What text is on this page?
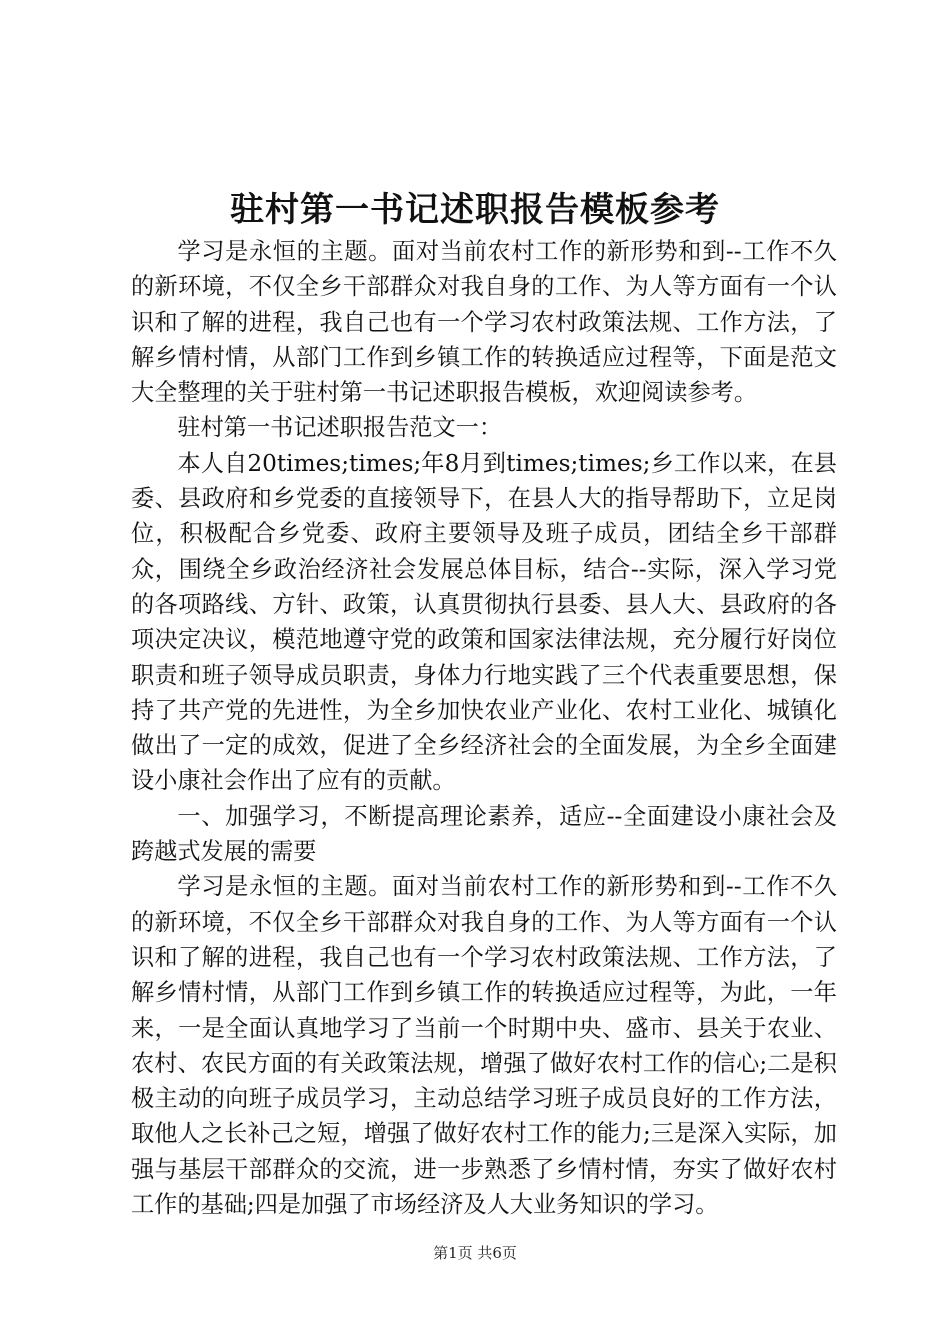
驻村第一书记述职报告模板参考

学习是永恒的主题。面对当前农村工作的新形势和到--工作不久的新环境，不仅全乡干部群众对我自身的工作、为人等方面有一个认识和了解的进程，我自己也有一个学习农村政策法规、工作方法，了解乡情村情，从部门工作到乡镇工作的转换适应过程等，下面是范文大全整理的关于驻村第一书记述职报告模板，欢迎阅读参考。

驻村第一书记述职报告范文一：

本人自20times;times;年8月到times;times;乡工作以来，在县委、县政府和乡党委的直接领导下，在县人大的指导帮助下，立足岗位，积极配合乡党委、政府主要领导及班子成员，团结全乡干部群众，围绕全乡政治经济社会发展总体目标，结合--实际，深入学习党的各项路线、方针、政策，认真贯彻执行县委、县人大、县政府的各项决定决议，模范地遵守党的政策和国家法律法规，充分履行好岗位职责和班子领导成员职责，身体力行地实践了三个代表重要思想，保持了共产党的先进性，为全乡加快农业产业化、农村工业化、城镇化做出了一定的成效，促进了全乡经济社会的全面发展，为全乡全面建设小康社会作出了应有的贡献。

一、加强学习，不断提高理论素养，适应--全面建设小康社会及跨越式发展的需要

学习是永恒的主题。面对当前农村工作的新形势和到--工作不久的新环境，不仅全乡干部群众对我自身的工作、为人等方面有一个认识和了解的进程，我自己也有一个学习农村政策法规、工作方法，了解乡情村情，从部门工作到乡镇工作的转换适应过程等，为此，一年来，一是全面认真地学习了当前一个时期中央、盛市、县关于农业、农村、农民方面的有关政策法规，增强了做好农村工作的信心;二是积极主动的向班子成员学习，主动总结学习班子成员良好的工作方法，取他人之长补己之短，增强了做好农村工作的能力;三是深入实际，加强与基层干部群众的交流，进一步熟悉了乡情村情，夯实了做好农村工作的基础;四是加强了市场经济及人大业务知识的学习。

第1页 共6页
